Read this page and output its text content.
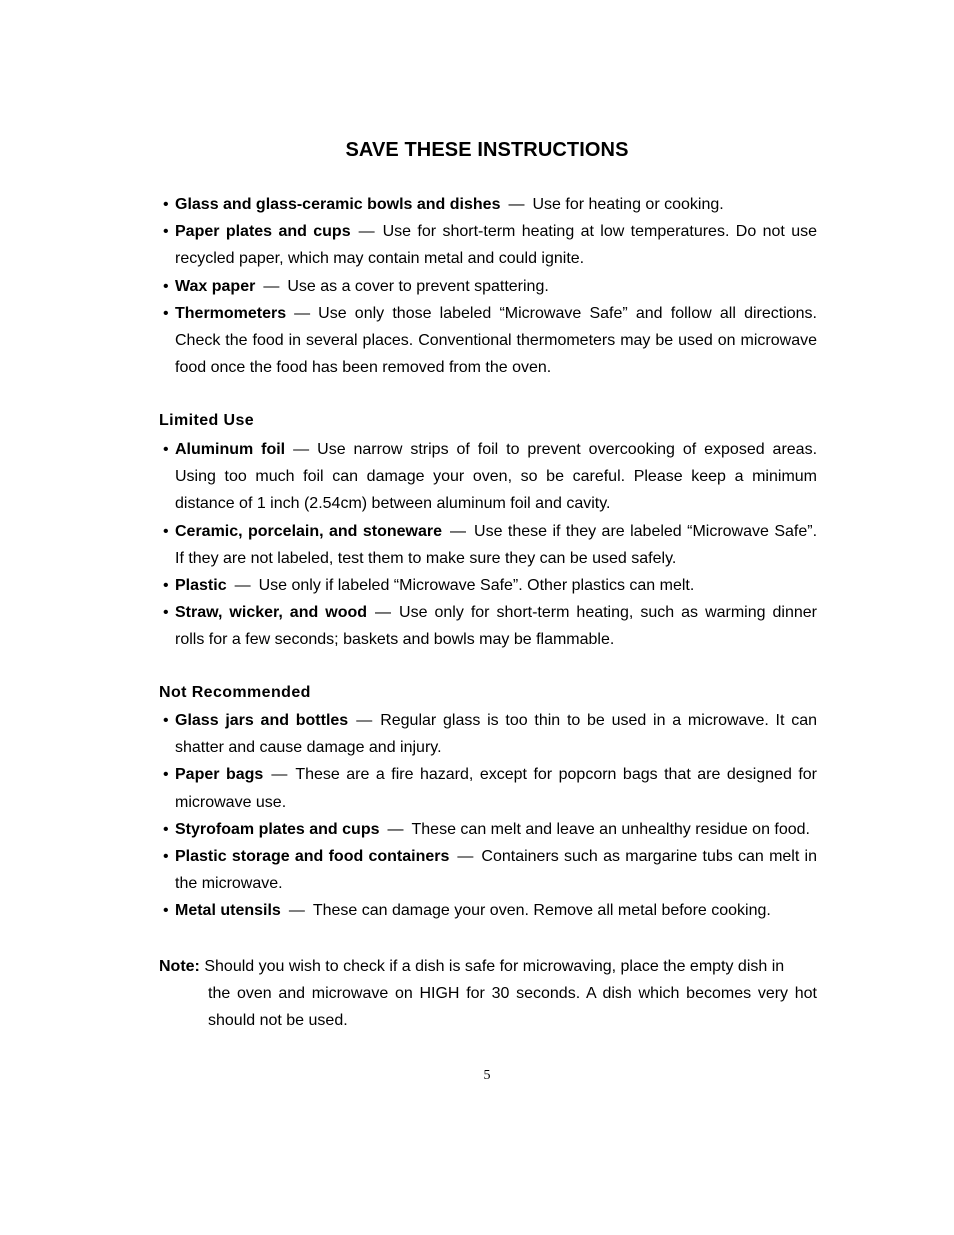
SAVE THESE INSTRUCTIONS
• Glass and glass-ceramic bowls and dishes — Use for heating or cooking.
• Paper plates and cups — Use for short-term heating at low temperatures. Do not use recycled paper, which may contain metal and could ignite.
• Wax paper — Use as a cover to prevent spattering.
• Thermometers — Use only those labeled “Microwave Safe” and follow all directions. Check the food in several places. Conventional thermometers may be used on microwave food once the food has been removed from the oven.
Limited Use
• Aluminum foil — Use narrow strips of foil to prevent overcooking of exposed areas. Using too much foil can damage your oven, so be careful. Please keep a minimum distance of 1 inch (2.54cm) between aluminum foil and cavity.
• Ceramic, porcelain, and stoneware — Use these if they are labeled “Microwave Safe”. If they are not labeled, test them to make sure they can be used safely.
• Plastic — Use only if labeled “Microwave Safe”. Other plastics can melt.
• Straw, wicker, and wood — Use only for short-term heating, such as warming dinner rolls for a few seconds; baskets and bowls may be flammable.
Not Recommended
• Glass jars and bottles — Regular glass is too thin to be used in a microwave. It can shatter and cause damage and injury.
• Paper bags — These are a fire hazard, except for popcorn bags that are designed for microwave use.
• Styrofoam plates and cups — These can melt and leave an unhealthy residue on food.
• Plastic storage and food containers — Containers such as margarine tubs can melt in the microwave.
• Metal utensils — These can damage your oven. Remove all metal before cooking.
Note: Should you wish to check if a dish is safe for microwaving, place the empty dish in
the oven and microwave on HIGH for 30 seconds. A dish which becomes very hot should not be used.
5
